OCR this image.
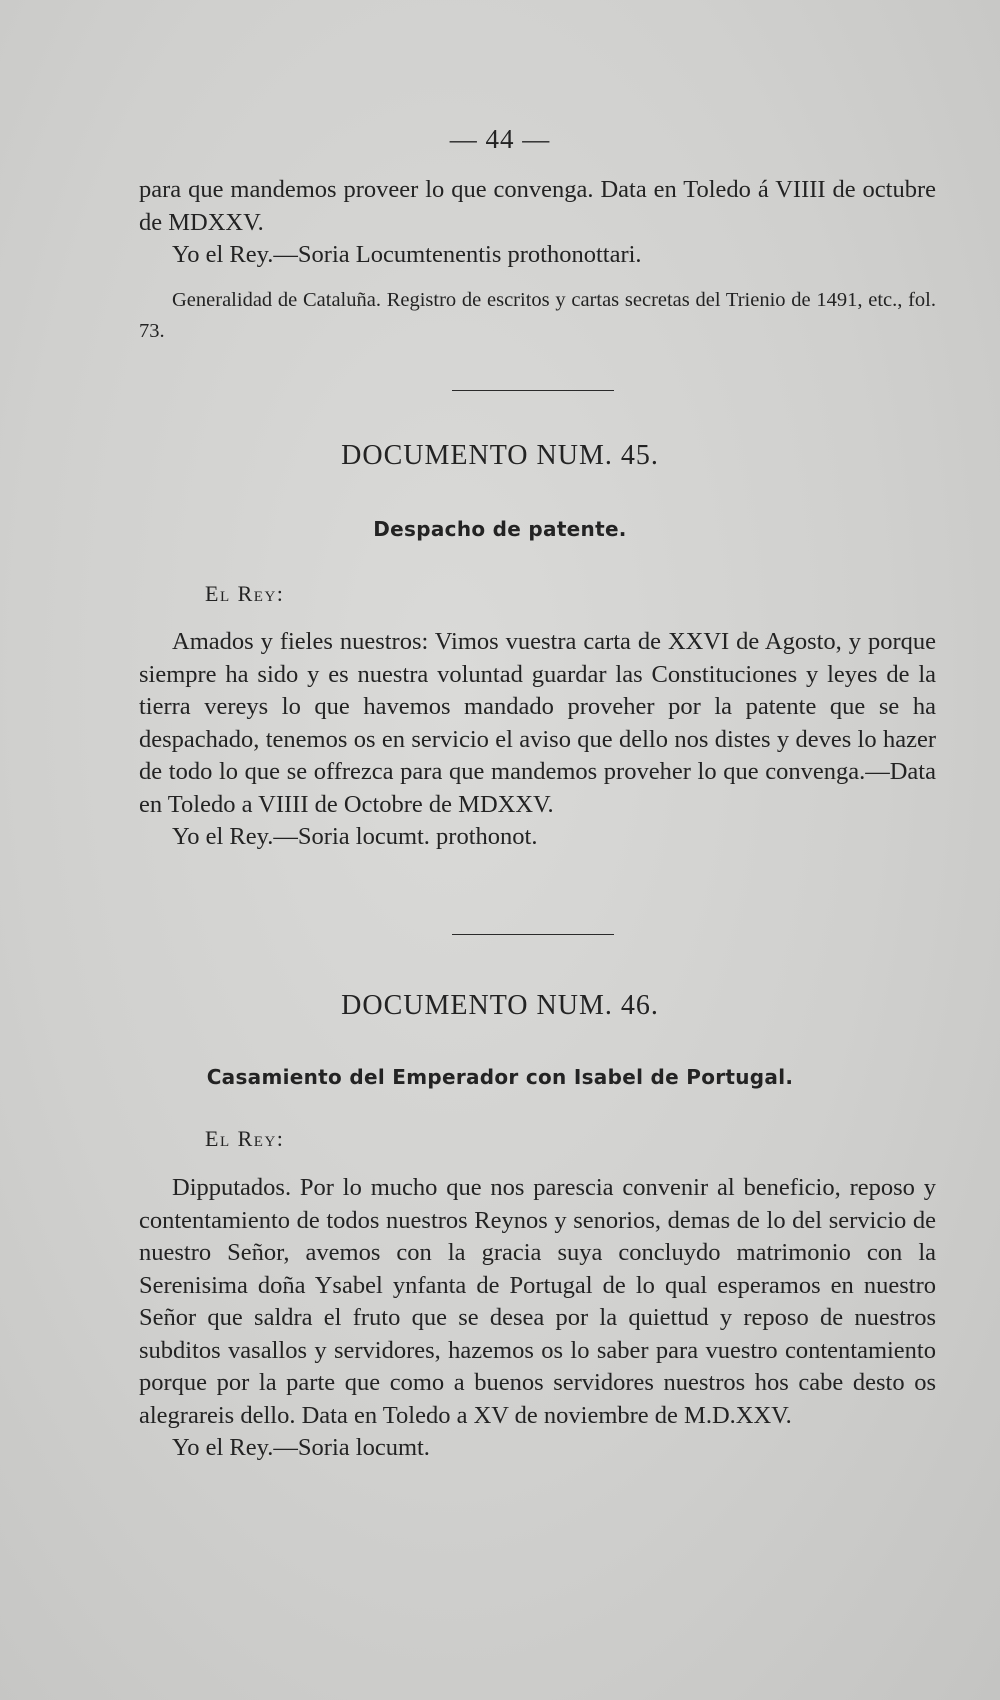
— 44 —

para que mandemos proveer lo que convenga. Data en Toledo á VIIII de octubre de MDXXV.

Yo el Rey.—Soria Locumtenentis prothonottari.

Generalidad de Cataluña. Registro de escritos y cartas secretas del Trienio de 1491, etc., fol. 73.

DOCUMENTO NUM. 45.
Despacho de patente.
El Rey:

Amados y fieles nuestros: Vimos vuestra carta de XXVI de Agosto, y porque siempre ha sido y es nuestra voluntad guardar las Constituciones y leyes de la tierra vereys lo que havemos mandado proveher por la patente que se ha despachado, tenemos os en servicio el aviso que dello nos distes y deves lo hazer de todo lo que se offrezca para que mandemos proveher lo que convenga.—Data en Toledo a VIIII de Octobre de MDXXV.

Yo el Rey.—Soria locumt. prothonot.

DOCUMENTO NUM. 46.
Casamiento del Emperador con Isabel de Portugal.
El Rey:

Dipputados. Por lo mucho que nos parescia convenir al beneficio, reposo y contentamiento de todos nuestros Reynos y senorios, demas de lo del servicio de nuestro Señor, avemos con la gracia suya concluydo matrimonio con la Serenisima doña Ysabel ynfanta de Portugal de lo qual esperamos en nuestro Señor que saldra el fruto que se desea por la quiettud y reposo de nuestros subditos vasallos y servidores, hazemos os lo saber para vuestro contentamiento porque por la parte que como a buenos servidores nuestros hos cabe desto os alegrareis dello. Data en Toledo a XV de noviembre de M.D.XXV.

Yo el Rey.—Soria locumt.
